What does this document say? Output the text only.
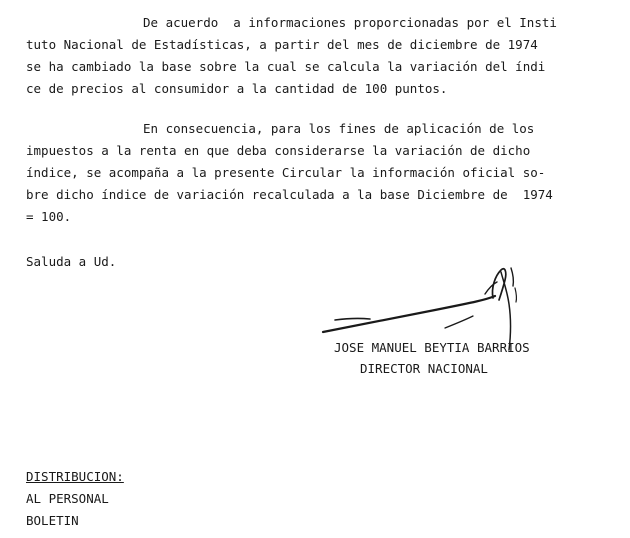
De acuerdo  a informaciones proporcionadas por el Insti
tuto Nacional de Estadísticas, a partir del mes de diciembre de 1974
se ha cambiado la base sobre la cual se calcula la variación del índi
ce de precios al consumidor a la cantidad de 100 puntos.
En consecuencia, para los fines de aplicación de los
impuestos a la renta en que deba considerarse la variación de dicho
índice, se acompaña a la presente Circular la información oficial so-
bre dicho índice de variación recalculada a la base Diciembre de  1974
= 100.
Saluda a Ud.
JOSE MANUEL BEYTIA BARRIOS
DIRECTOR NACIONAL
DISTRIBUCION:
AL PERSONAL
BOLETIN
